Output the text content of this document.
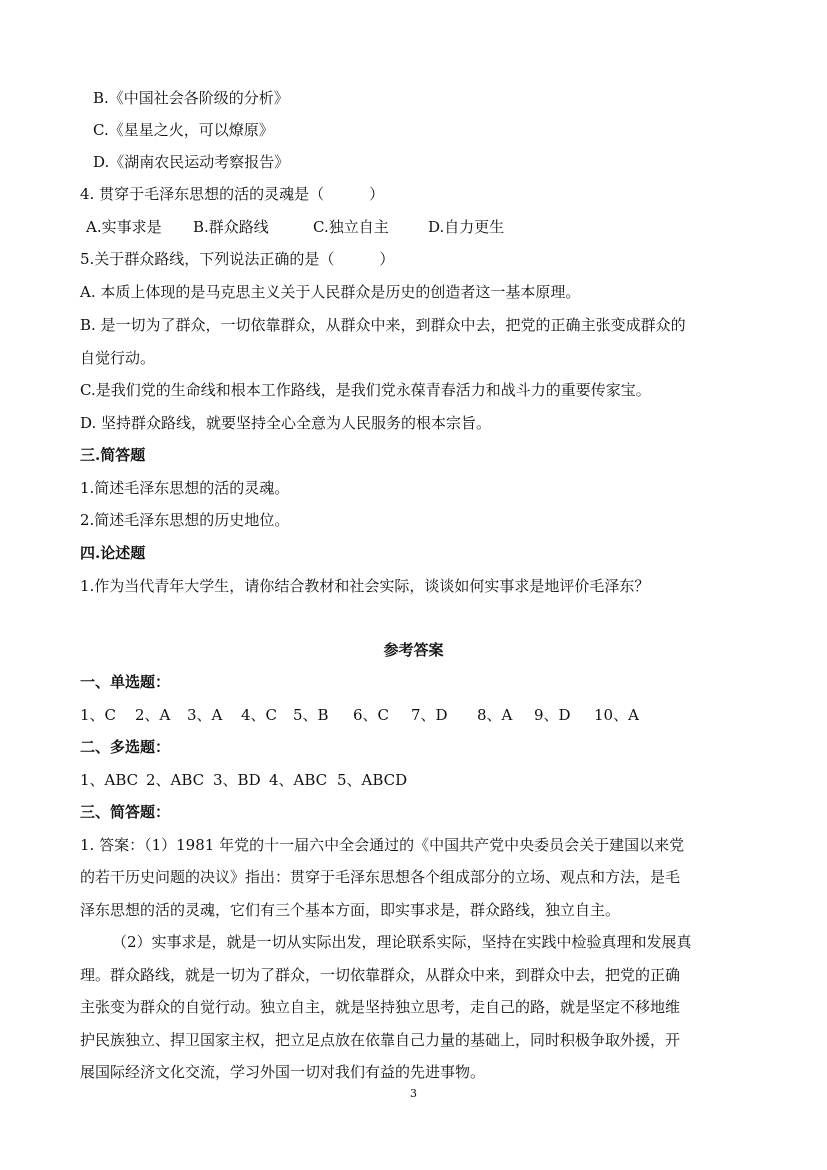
B.《中国社会各阶级的分析》
C.《星星之火，可以燎原》
D.《湖南农民运动考察报告》
4. 贯穿于毛泽东思想的活的灵魂是（　　　）
A.实事求是 B.群众路线	C.独立自主	D.自力更生
5.关于群众路线，下列说法正确的是（　　　）
A. 本质上体现的是马克思主义关于人民群众是历史的创造者这一基本原理。
B. 是一切为了群众，一切依靠群众，从群众中来，到群众中去，把党的正确主张变成群众的
自觉行动。
C.是我们党的生命线和根本工作路线，是我们党永葆青春活力和战斗力的重要传家宝。
D. 坚持群众路线，就要坚持全心全意为人民服务的根本宗旨。
三.简答题
1.简述毛泽东思想的活的灵魂。
2.简述毛泽东思想的历史地位。
四.论述题
1.作为当代青年大学生，请你结合教材和社会实际，谈谈如何实事求是地评价毛泽东？
参考答案
一、单选题：
1、C 2、A 3、A 4、C 5、B 6、C 7、D 8、A 9、D 10、A
二、多选题：
1、ABC 2、ABC 3、BD 4、ABC 5、ABCD
三、简答题：
1. 答案：（1）1981 年党的十一届六中全会通过的《中国共产党中央委员会关于建国以来党
的若干历史问题的决议》指出：贯穿于毛泽东思想各个组成部分的立场、观点和方法，是毛
泽东思想的活的灵魂，它们有三个基本方面，即实事求是，群众路线，独立自主。
（2）实事求是，就是一切从实际出发，理论联系实际，坚持在实践中检验真理和发展真
理。群众路线，就是一切为了群众，一切依靠群众，从群众中来，到群众中去，把党的正确
主张变为群众的自觉行动。独立自主，就是坚持独立思考，走自己的路，就是坚定不移地维
护民族独立、捍卫国家主权，把立足点放在依靠自己力量的基础上，同时积极争取外援，开
展国际经济文化交流，学习外国一切对我们有益的先进事物。
3
